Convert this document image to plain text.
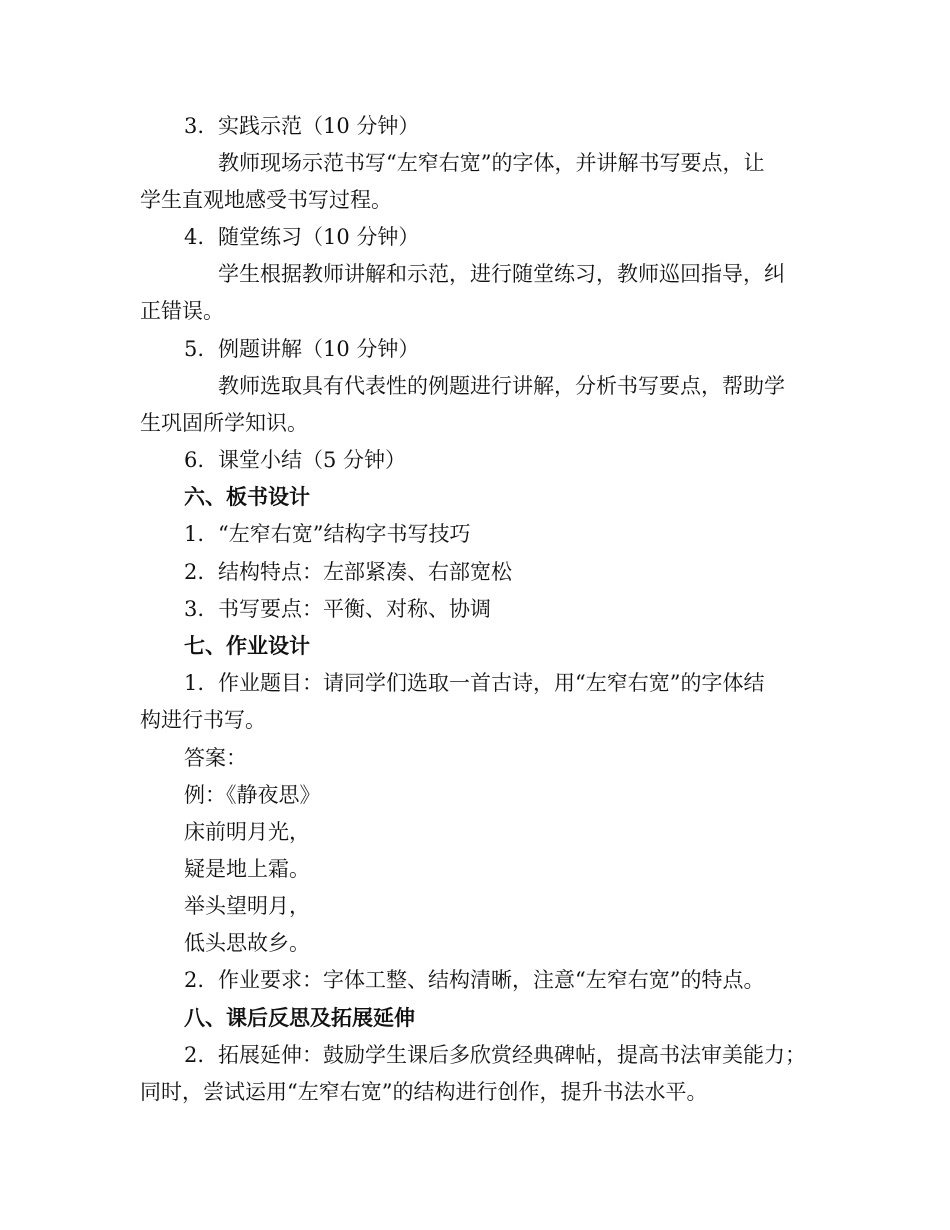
3. 实践示范（10 分钟）
教师现场示范书写“左窄右宽”的字体，并讲解书写要点，让
学生直观地感受书写过程。
4. 随堂练习（10 分钟）
学生根据教师讲解和示范，进行随堂练习，教师巡回指导，纠
正错误。
5. 例题讲解（10 分钟）
教师选取具有代表性的例题进行讲解，分析书写要点，帮助学
生巩固所学知识。
6. 课堂小结（5 分钟）
六、板书设计
1. “左窄右宽”结构字书写技巧
2. 结构特点：左部紧凑、右部宽松
3. 书写要点：平衡、对称、协调
七、作业设计
1. 作业题目：请同学们选取一首古诗，用“左窄右宽”的字体结
构进行书写。
答案：
例：《静夜思》
床前明月光，
疑是地上霜。
举头望明月，
低头思故乡。
2. 作业要求：字体工整、结构清晰，注意“左窄右宽”的特点。
八、课后反思及拓展延伸
2. 拓展延伸：鼓励学生课后多欣赏经典碑帖，提高书法审美能力；
同时，尝试运用“左窄右宽”的结构进行创作，提升书法水平。
